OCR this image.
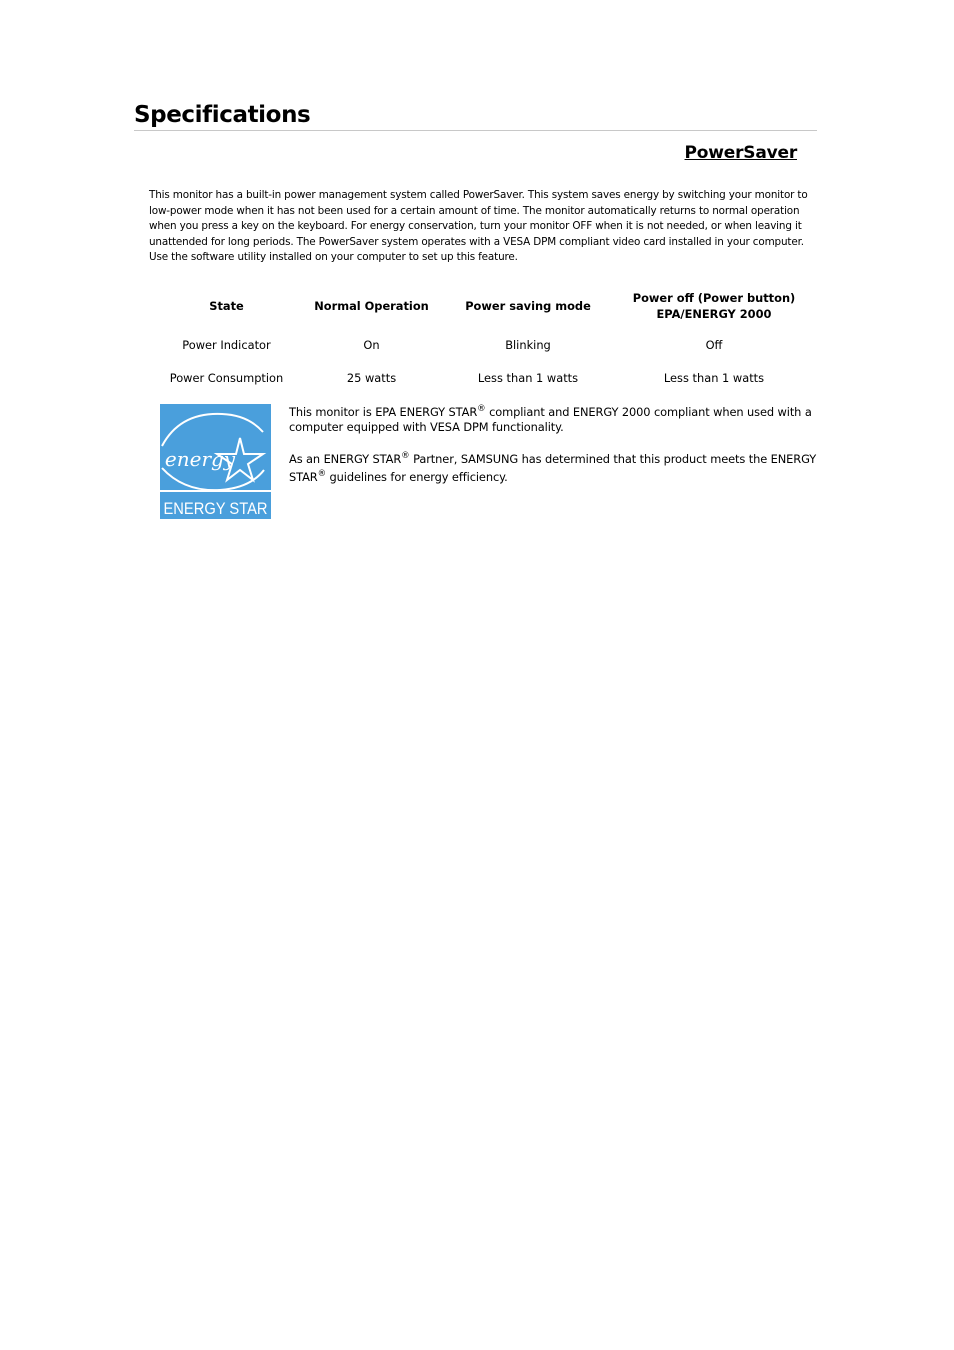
Specifications
PowerSaver
This monitor has a built-in power management system called PowerSaver. This system saves energy by switching your monitor to low-power mode when it has not been used for a certain amount of time. The monitor automatically returns to normal operation when you press a key on the keyboard. For energy conservation, turn your monitor OFF when it is not needed, or when leaving it unattended for long periods. The PowerSaver system operates with a VESA DPM compliant video card installed in your computer. Use the software utility installed on your computer to set up this feature.
State	Normal Operation	Power saving mode	Power off (Power button)
EPA/ENERGY 2000
Power Indicator	On	Blinking	Off
Power Consumption	25 watts	Less than 1 watts	Less than 1 watts
energy
ENERGY STAR

This monitor is EPA ENERGY STAR® compliant and ENERGY 2000 compliant when used with a computer equipped with VESA DPM functionality.

As an ENERGY STAR® Partner, SAMSUNG has determined that this product meets the ENERGY STAR® guidelines for energy efficiency.
